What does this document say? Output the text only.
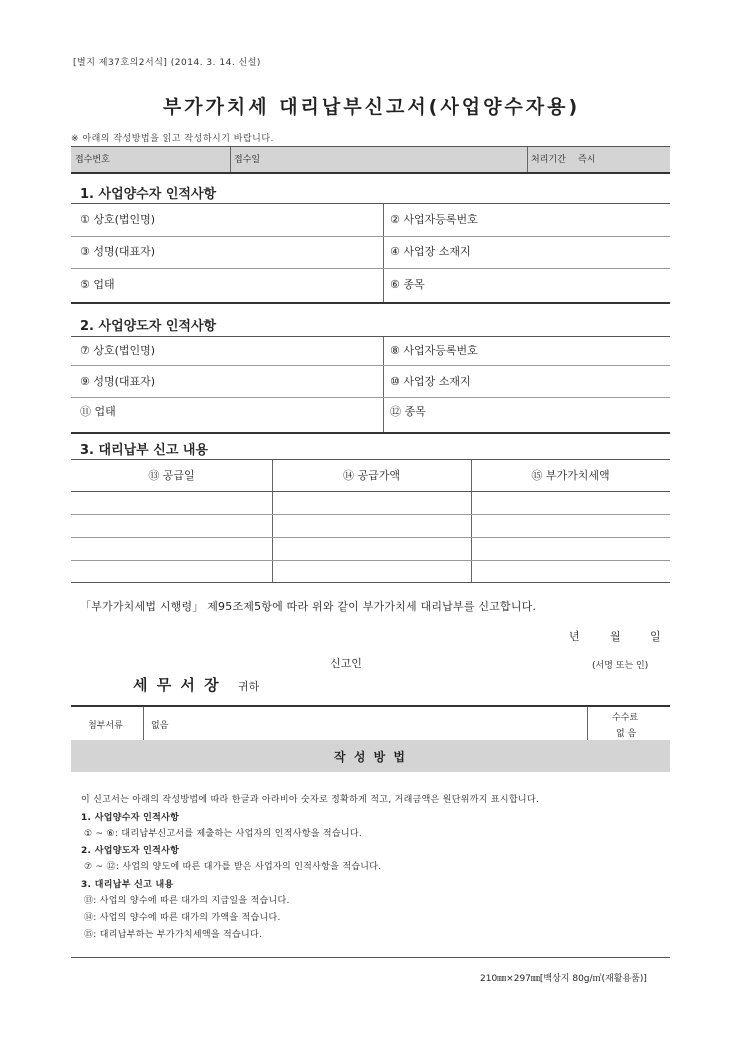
[별지 제37호의2서식] (2014. 3. 14. 신설)
부가가치세 대리납부신고서(사업양수자용)
※ 아래의 작성방법을 읽고 작성하시기 바랍니다.
접수번호	접수일	처리기간 즉시
1. 사업양수자 인적사항
① 상호(법인명)	② 사업자등록번호
③ 성명(대표자)	④ 사업장 소재지
⑤ 업태	⑥ 종목
2. 사업양도자 인적사항
⑦ 상호(법인명)	⑧ 사업자등록번호
⑨ 성명(대표자)	⑩ 사업장 소재지
⑪ 업태	⑫ 종목
3. 대리납부 신고 내용
⑬ 공급일	⑭ 공급가액	⑮ 부가가치세액
「부가가치세법 시행령」 제95조제5항에 따라 위와 같이 부가가치세 대리납부를 신고합니다.
년	월	일
신고인	(서명 또는 인)
세 무 서 장 귀하
첨부서류	없음
수수료
없 음
작 성 방 법
이 신고서는 아래의 작성방법에 따라 한글과 아라비아 숫자로 정확하게 적고, 거래금액은 원단위까지 표시합니다.
1. 사업양수자 인적사항
① ~ ⑥: 대리납부신고서를 제출하는 사업자의 인적사항을 적습니다.
2. 사업양도자 인적사항
⑦ ~ ⑫: 사업의 양도에 따른 대가를 받은 사업자의 인적사항을 적습니다.
3. 대리납부 신고 내용
⑬: 사업의 양수에 따른 대가의 지급일을 적습니다.
⑭: 사업의 양수에 따른 대가의 가액을 적습니다.
⑮: 대리납부하는 부가가치세액을 적습니다.
210㎜×297㎜[백상지 80g/㎡(재활용품)]
